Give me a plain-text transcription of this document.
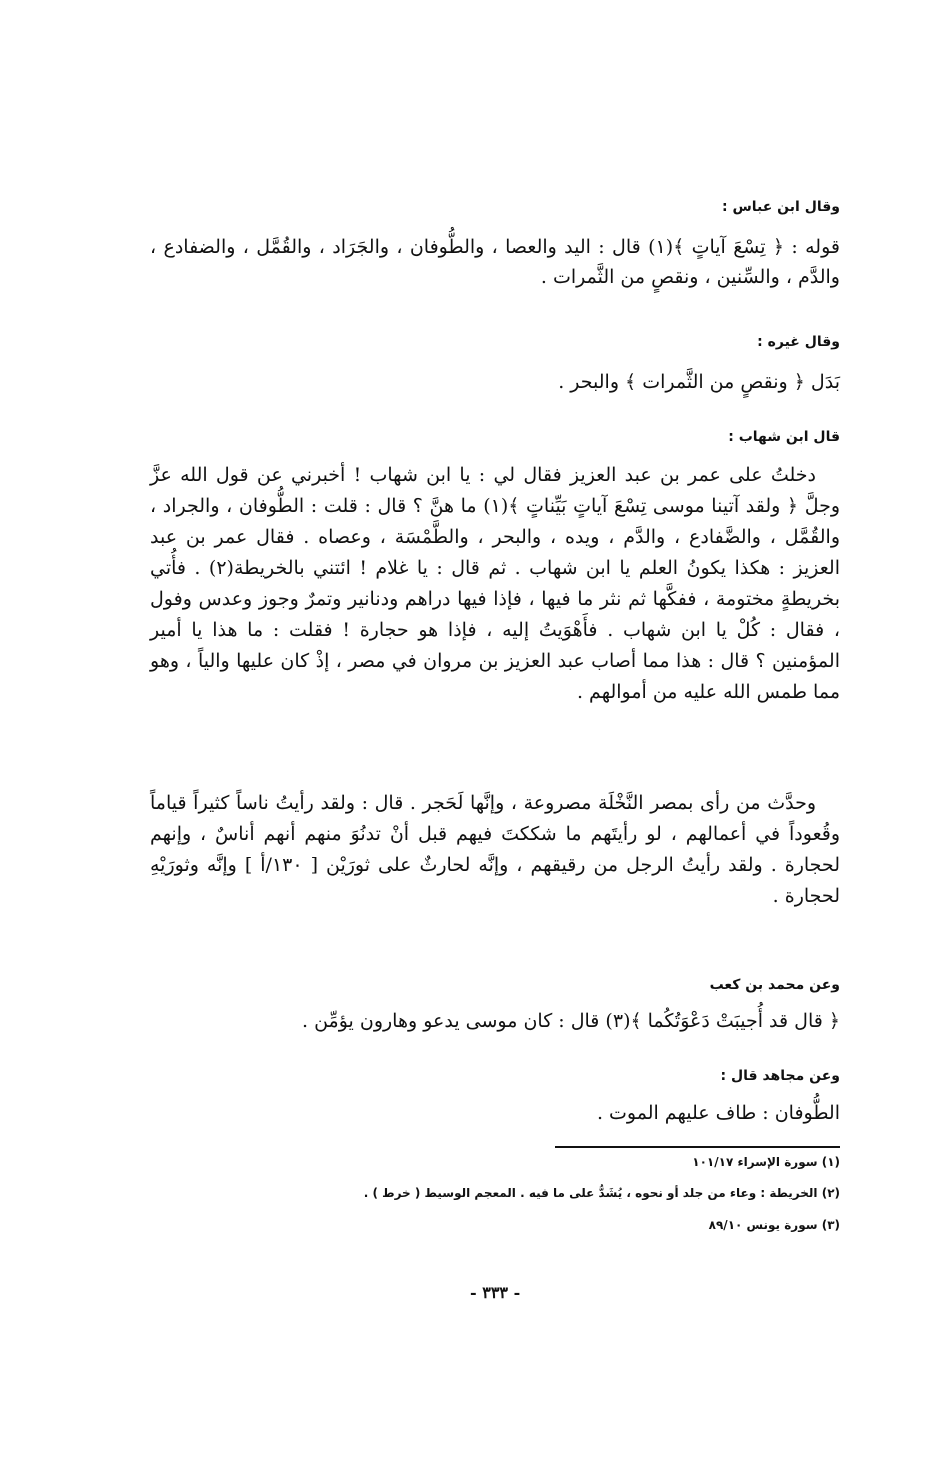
وقال ابن عباس :

قوله : ﴿ تِسْعَ آياتٍ ﴾(١) قال : اليد والعصا ، والطُّوفان ، والجَرَاد ، والقُمَّل ، والضفادع ، والدَّم ، والسِّنين ، ونقصٍ من الثَّمرات .

وقال غيره :

بَدَل ﴿ ونقصٍ من الثَّمرات ﴾ والبحر .

قال ابن شهاب :

دخلتُ على عمر بن عبد العزيز فقال لي : يا ابن شهاب ! أخبرني عن قول الله عزَّ وجلَّ ﴿ ولقد آتينا موسى تِسْعَ آياتٍ بَيِّناتٍ ﴾(١) ما هنَّ ؟ قال : قلت : الطُّوفان ، والجراد ، والقُمَّل ، والضَّفادع ، والدَّم ، ويده ، والبحر ، والطَّمْسَة ، وعصاه . فقال عمر بن عبد العزيز : هكذا يكونُ العلم يا ابن شهاب . ثم قال : يا غلام ! ائتني بالخريطة(٢) . فأُتي بخريطةٍ مختومة ، ففكَّها ثم نثر ما فيها ، فإذا فيها دراهم ودنانير وتمرٌ وجوز وعدس وفول ، فقال : كُلْ يا ابن شهاب . فأَهْوَيتُ إليه ، فإذا هو حجارة ! فقلت : ما هذا يا أمير المؤمنين ؟ قال : هذا مما أصاب عبد العزيز بن مروان في مصر ، إذْ كان عليها والياً ، وهو مما طمس الله عليه من أموالهم .

وحدَّث من رأى بمصر النَّخْلَة مصروعة ، وإنَّها لَحَجر . قال : ولقد رأيتُ ناساً كثيراً قياماً وقُعوداً في أعمالهم ، لو رأيتَهم ما شككتَ فيهم قبل أنْ تدنُوَ منهم أنهم أناسٌ ، وإنهم لحجارة . ولقد رأيتُ الرجل من رقيقهم ، وإنَّه لحارثٌ على ثورَيْن [ ١٣٠/أ ] وإنَّه وثورَيْهِ لحجارة .

وعن محمد بن كعب

﴿ قال قد أُجيبَتْ دَعْوَتُكُما ﴾(٣) قال : كان موسى يدعو وهارون يؤمِّن .

وعن مجاهد قال :

الطُّوفان : طاف عليهم الموت .

(١) سورة الإسراء ١٠١/١٧
(٢) الخريطة : وعاء من جلد أو نحوه ، يُشَدُّ على ما فيه . المعجم الوسيط ( خرط ) .
(٣) سورة يونس ٨٩/١٠
- ٣٣٣ -
